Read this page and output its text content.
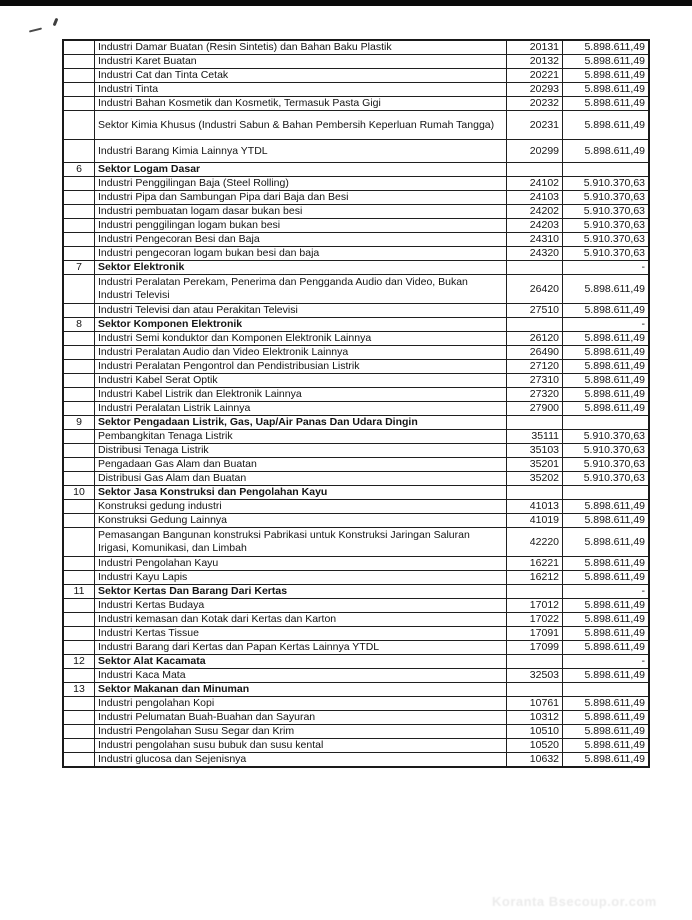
	Industri Damar Buatan (Resin Sintetis) dan Bahan Baku Plastik	20131	5.898.611,49
	Industri Karet Buatan	20132	5.898.611,49
	Industri Cat dan Tinta Cetak	20221	5.898.611,49
	Industri Tinta	20293	5.898.611,49
	Industri Bahan Kosmetik dan Kosmetik, Termasuk Pasta Gigi	20232	5.898.611,49
	Sektor Kimia Khusus (Industri Sabun & Bahan Pembersih Keperluan Rumah Tangga)	20231	5.898.611,49
	Industri Barang Kimia Lainnya YTDL	20299	5.898.611,49
6	Sektor Logam Dasar		
	Industri Penggilingan Baja (Steel Rolling)	24102	5.910.370,63
	Industri Pipa dan Sambungan Pipa dari Baja dan Besi	24103	5.910.370,63
	Industri pembuatan logam dasar bukan besi	24202	5.910.370,63
	Industri penggilingan logam bukan besi	24203	5.910.370,63
	Industri Pengecoran Besi dan Baja	24310	5.910.370,63
	Industri pengecoran logam bukan besi dan baja	24320	5.910.370,63
7	Sektor Elektronik		-
	Industri Peralatan Perekam, Penerima dan Pengganda Audio dan Video, Bukan Industri Televisi	26420	5.898.611,49
	Industri Televisi dan atau Perakitan Televisi	27510	5.898.611,49
8	Sektor Komponen Elektronik		-
	Industri Semi konduktor dan Komponen Elektronik Lainnya	26120	5.898.611,49
	Industri Peralatan Audio dan Video Elektronik Lainnya	26490	5.898.611,49
	Industri Peralatan Pengontrol dan Pendistribusian Listrik	27120	5.898.611,49
	Industri Kabel Serat Optik	27310	5.898.611,49
	Industri Kabel Listrik dan Elektronik Lainnya	27320	5.898.611,49
	Industri Peralatan Listrik Lainnya	27900	5.898.611,49
9	Sektor Pengadaan Listrik, Gas, Uap/Air Panas Dan Udara Dingin		
	Pembangkitan Tenaga Listrik	35111	5.910.370,63
	Distribusi Tenaga Listrik	35103	5.910.370,63
	Pengadaan Gas Alam dan Buatan	35201	5.910.370,63
	Distribusi Gas Alam dan Buatan	35202	5.910.370,63
10	Sektor Jasa Konstruksi dan Pengolahan Kayu		
	Konstruksi gedung industri	41013	5.898.611,49
	Konstruksi Gedung Lainnya	41019	5.898.611,49
	Pemasangan Bangunan konstruksi Pabrikasi untuk Konstruksi Jaringan Saluran Irigasi, Komunikasi, dan Limbah	42220	5.898.611,49
	Industri Pengolahan Kayu	16221	5.898.611,49
	Industri Kayu Lapis	16212	5.898.611,49
11	Sektor Kertas Dan Barang Dari Kertas		-
	Industri Kertas Budaya	17012	5.898.611,49
	Industri kemasan dan Kotak dari Kertas dan Karton	17022	5.898.611,49
	Industri Kertas Tissue	17091	5.898.611,49
	Industri Barang dari Kertas dan Papan Kertas Lainnya YTDL	17099	5.898.611,49
12	Sektor Alat Kacamata		-
	Industri Kaca Mata	32503	5.898.611,49
13	Sektor Makanan dan Minuman		
	Industri pengolahan Kopi	10761	5.898.611,49
	Industri Pelumatan Buah-Buahan dan Sayuran	10312	5.898.611,49
	Industri Pengolahan Susu Segar dan Krim	10510	5.898.611,49
	Industri pengolahan susu bubuk dan susu kental	10520	5.898.611,49
	Industri glucosa dan Sejenisnya	10632	5.898.611,49
Koranta Bsecoup.or.com
